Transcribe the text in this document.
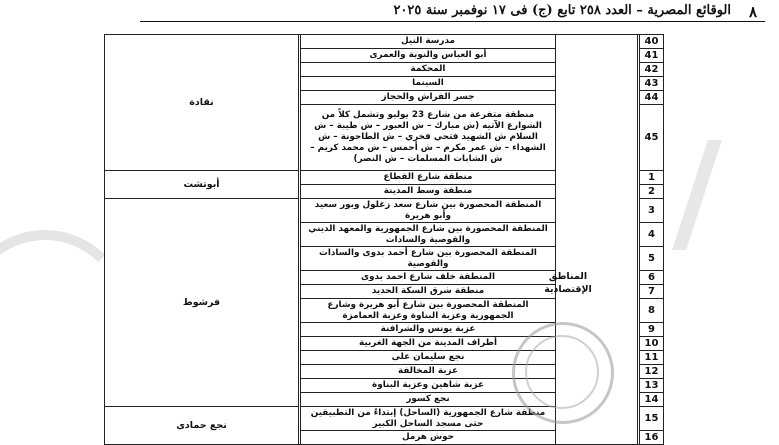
٨
الوقائع المصرية – العدد ٢٥٨ تابع (ج) فى ١٧ نوفمبر سنة ٢٠٢٥
40			مدرسة النيل		نقادة
41			أبو العباس والنوبة والعمرى		
42			المحكمة		
43			السينما		
44			جسر الفراش والحجاز		
45			منطقة متفرعة من شارع 23 يوليو وتشمل كلاً من الشوارع الآتيه (ش مبارك – ش العبور – ش طيبة – ش السلام ش الشهيد فتحي فخري – ش الطاحونة – ش الشهداء – ش عمر مكرم – ش أحمس – ش محمد كريم – ش الشابات المسلمات – ش النصر)		
1			منطقة شارع القطاع		أبوتشت
2			منطقة وسط المدينة		
3			المنطقة المحصورة بين شارع سعد زغلول وبور سعيد وأبو هريرة		فرشوط
4			المنطقة المحصورة بين شارع الجمهورية والمعهد الديني والقوصية والسادات		
5			المنطقة المحصورة بين شارع أحمد بدوى والسادات والقوصية		
6			المنطقة خلف شارع احمد بدوى		
7			منطقة شرق السكة الحديد		
8			المنطقة المحصورة بين شارع أبو هريرة وشارع الجمهورية وعزبة البناوة وعزبة العمامزة		
9			عزبة يونس والشرافنة		
10			أطراف المدينة من الجهة الغربية		
11			نجع سليمان على		
12			عزبة المخالفة		
13			عزبة شاهين وعزبة البناوة		
14			نجع كسور		
15			منطقة شارع الجمهورية (الساحل) إبتداءً من التطبيقين حتى مسجد الساحل الكبير		نجع حمادى
16			حوش هرمل		
المناطق الإقتصادية
